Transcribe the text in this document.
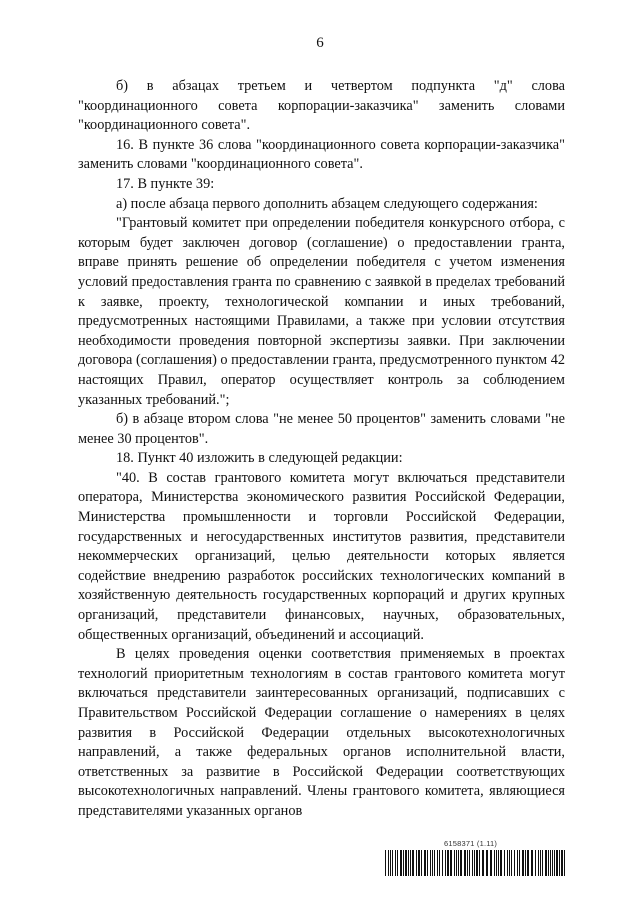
6

б) в абзацах третьем и четвертом подпункта "д" слова "координационного совета корпорации-заказчика" заменить словами "координационного совета".

16. В пункте 36 слова "координационного совета корпорации-заказчика" заменить словами "координационного совета".

17. В пункте 39:

а) после абзаца первого дополнить абзацем следующего содержания:

"Грантовый комитет при определении победителя конкурсного отбора, с которым будет заключен договор (соглашение) о предоставлении гранта, вправе принять решение об определении победителя с учетом изменения условий предоставления гранта по сравнению с заявкой в пределах требований к заявке, проекту, технологической компании и иных требований, предусмотренных настоящими Правилами, а также при условии отсутствия необходимости проведения повторной экспертизы заявки. При заключении договора (соглашения) о предоставлении гранта, предусмотренного пунктом 42 настоящих Правил, оператор осуществляет контроль за соблюдением указанных требований.";

б) в абзаце втором слова "не менее 50 процентов" заменить словами "не менее 30 процентов".

18. Пункт 40 изложить в следующей редакции:

"40. В состав грантового комитета могут включаться представители оператора, Министерства экономического развития Российской Федерации, Министерства промышленности и торговли Российской Федерации, государственных и негосударственных институтов развития, представители некоммерческих организаций, целью деятельности которых является содействие внедрению разработок российских технологических компаний в хозяйственную деятельность государственных корпораций и других крупных организаций, представители финансовых, научных, образовательных, общественных организаций, объединений и ассоциаций.

В целях проведения оценки соответствия применяемых в проектах технологий приоритетным технологиям в состав грантового комитета могут включаться представители заинтересованных организаций, подписавших с Правительством Российской Федерации соглашение о намерениях в целях развития в Российской Федерации отдельных высокотехнологичных направлений, а также федеральных органов исполнительной власти, ответственных за развитие в Российской Федерации соответствующих высокотехнологичных направлений. Члены грантового комитета, являющиеся представителями указанных органов

6158371 (1.11)
